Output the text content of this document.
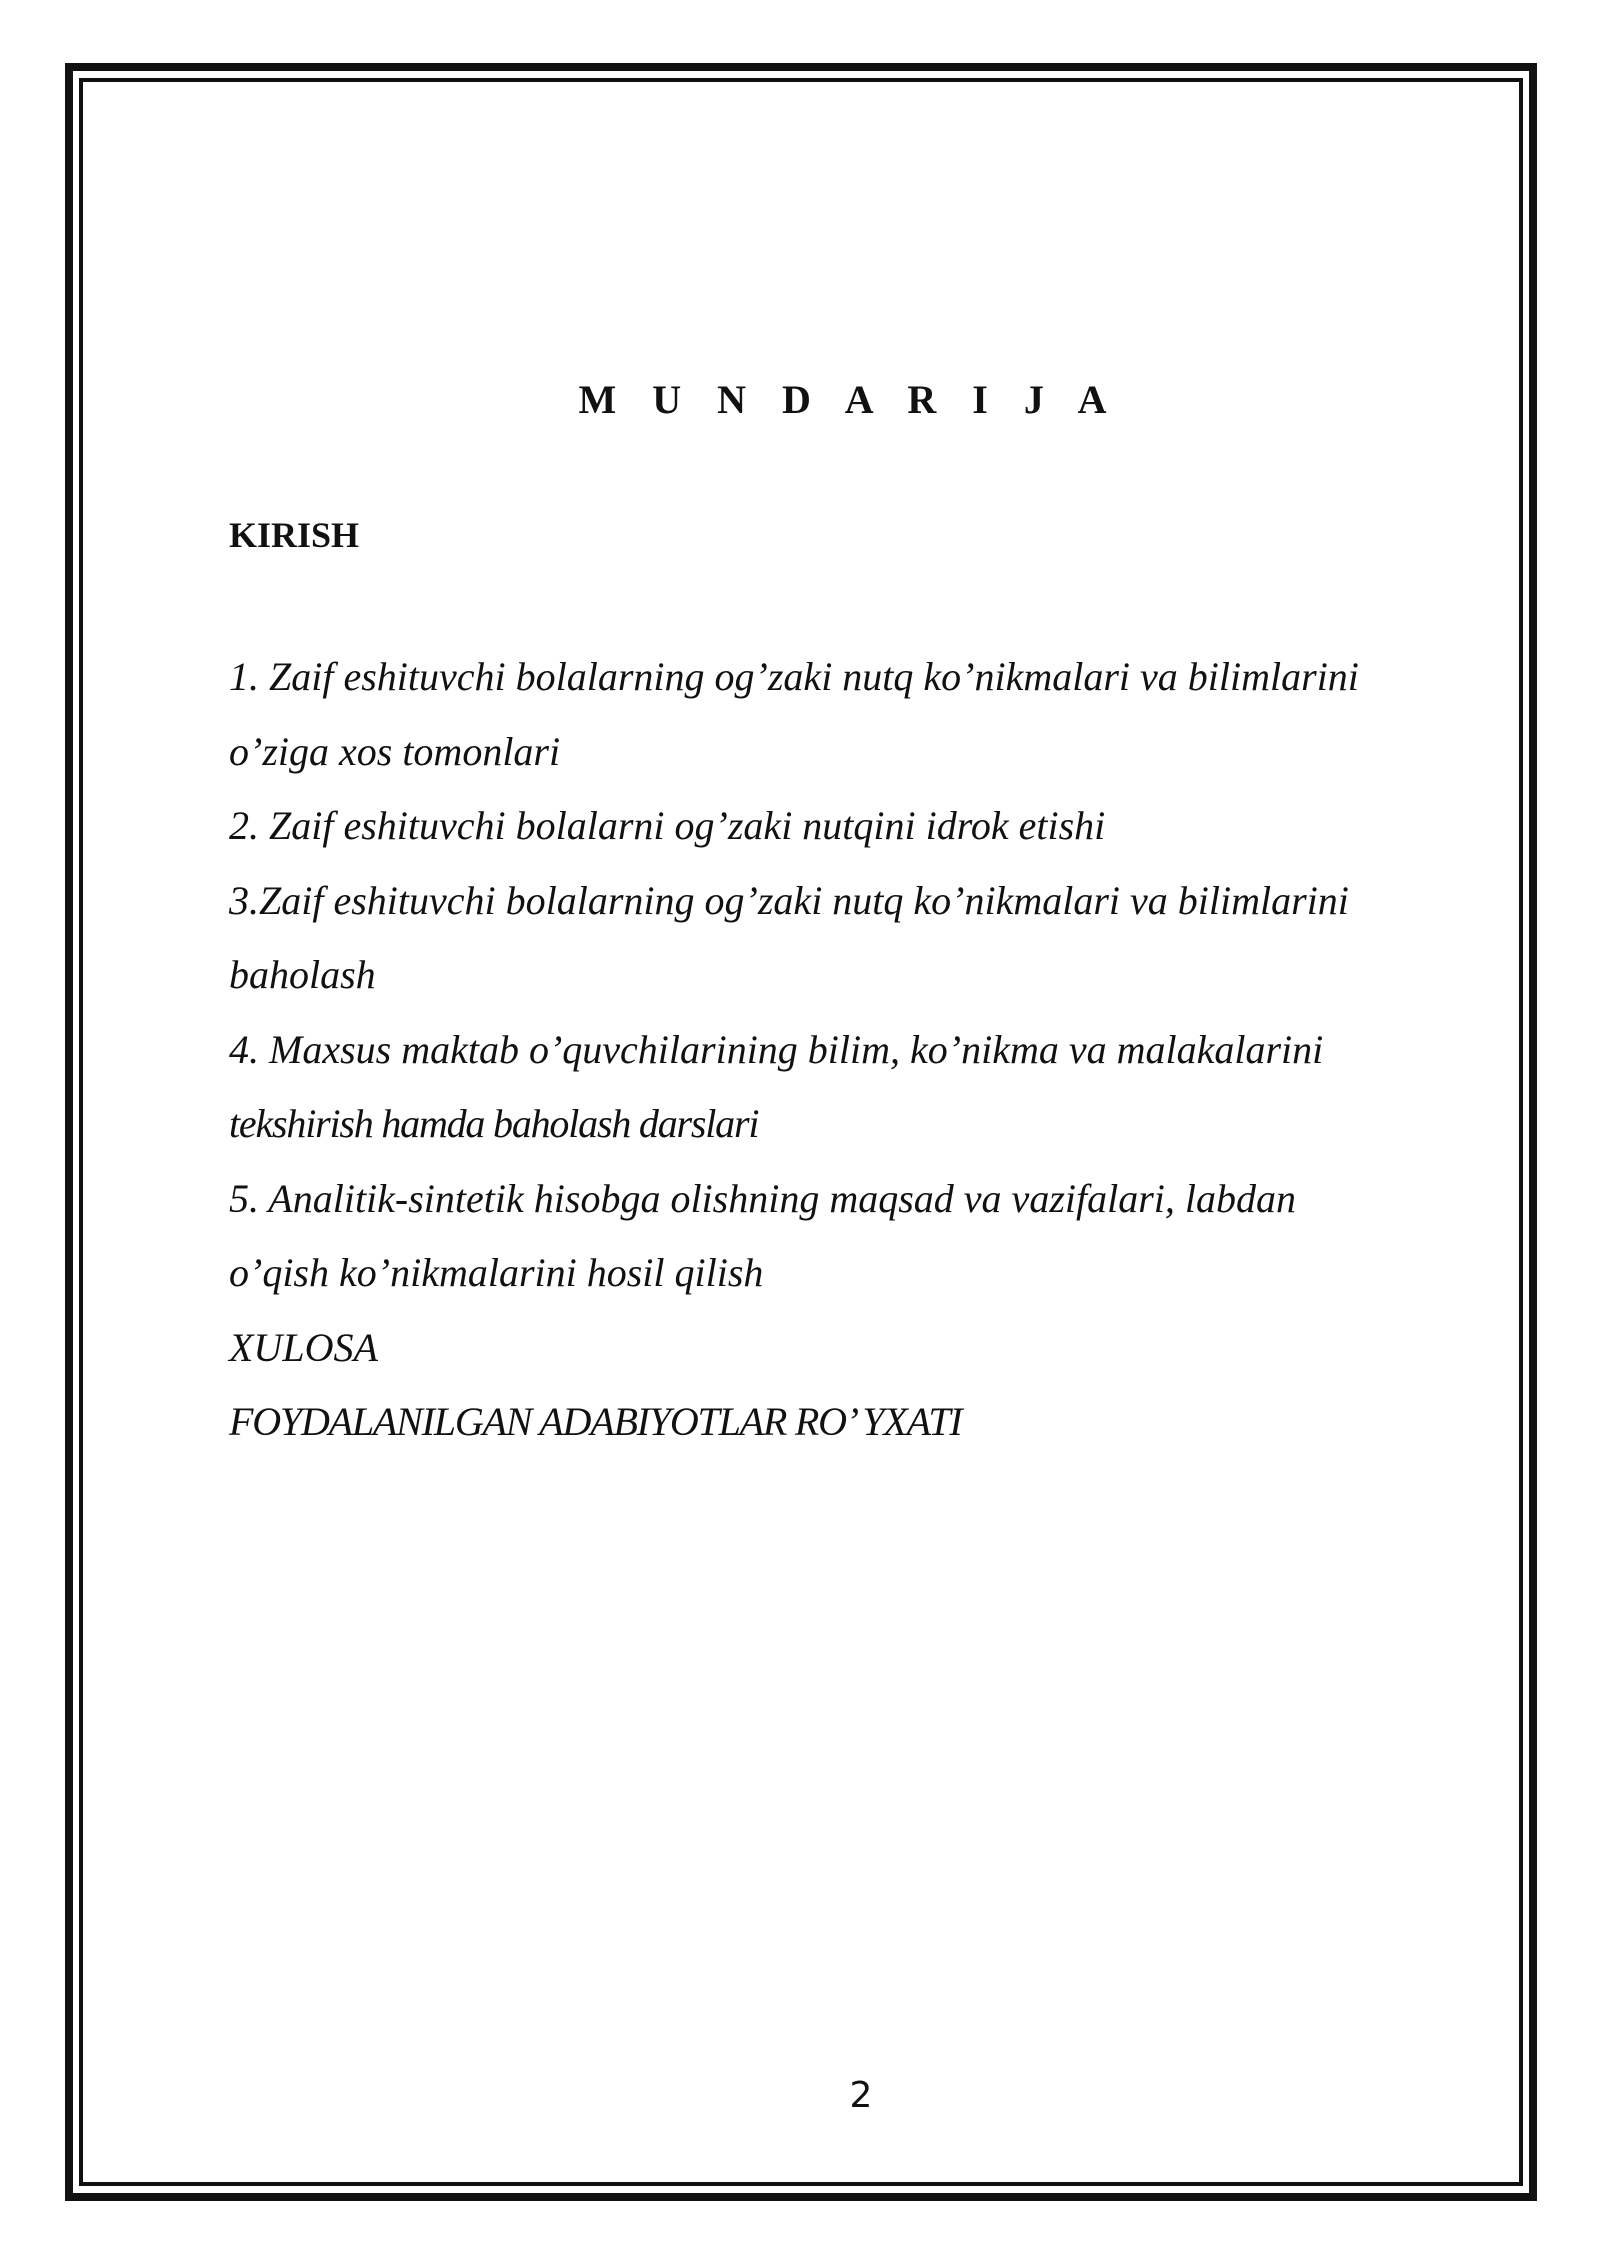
M U N D A R I J A
KIRISH
1. Zaif eshituvchi bolalarning og’zaki nutq ko’nikmalari va bilimlarini
o’ziga xos tomonlari
2. Zaif eshituvchi bolalarni og’zaki nutqini idrok etishi
3.Zaif eshituvchi bolalarning og’zaki nutq ko’nikmalari va bilimlarini
baholash
4. Maxsus maktab o’quvchilarining bilim, ko’nikma va malakalarini
tekshirish hamda baholash darslari
5. Analitik-sintetik hisobga olishning maqsad va vazifalari, labdan
o’qish ko’nikmalarini hosil qilish
XULOSA
FOYDALANILGAN ADABIYOTLAR RO’ YXATI
2
